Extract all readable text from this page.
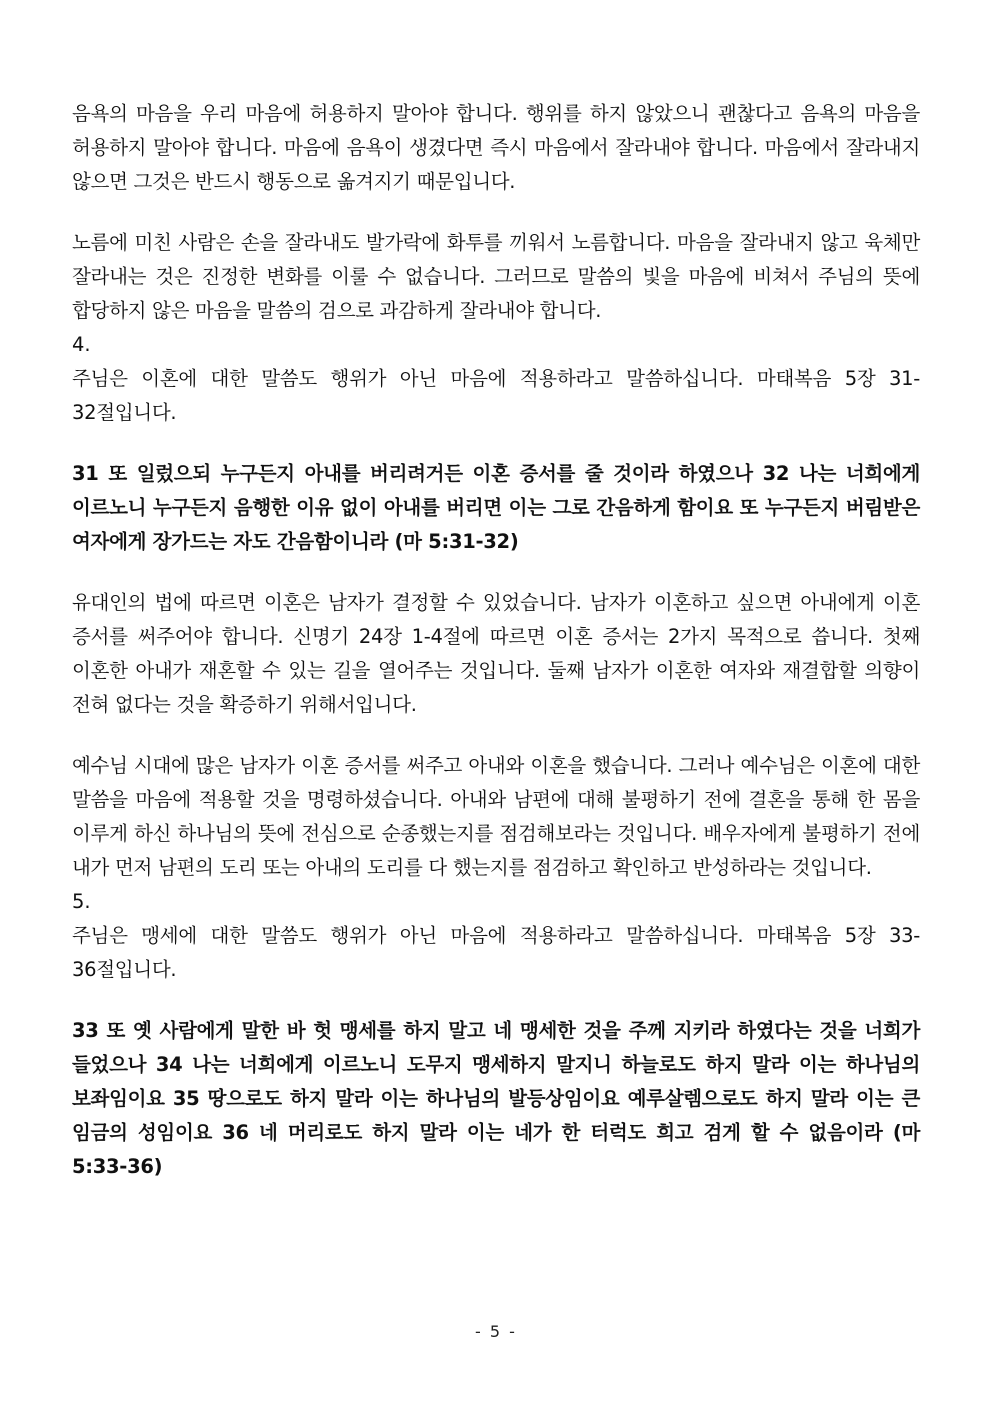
음욕의 마음을 우리 마음에 허용하지 말아야 합니다. 행위를 하지 않았으니 괜찮다고 음욕의 마음을 허용하지 말아야 합니다. 마음에 음욕이 생겼다면 즉시 마음에서 잘라내야 합니다. 마음에서 잘라내지 않으면 그것은 반드시 행동으로 옮겨지기 때문입니다.

노름에 미친 사람은 손을 잘라내도 발가락에 화투를 끼워서 노름합니다. 마음을 잘라내지 않고 육체만 잘라내는 것은 진정한 변화를 이룰 수 없습니다. 그러므로 말씀의 빛을 마음에 비쳐서 주님의 뜻에 합당하지 않은 마음을 말씀의 검으로 과감하게 잘라내야 합니다.

4.

주님은 이혼에 대한 말씀도 행위가 아닌 마음에 적용하라고 말씀하십니다. 마태복음 5장 31-32절입니다.

31 또 일렀으되 누구든지 아내를 버리려거든 이혼 증서를 줄 것이라 하였으나 32 나는 너희에게 이르노니 누구든지 음행한 이유 없이 아내를 버리면 이는 그로 간음하게 함이요 또 누구든지 버림받은 여자에게 장가드는 자도 간음함이니라 (마 5:31-32)

유대인의 법에 따르면 이혼은 남자가 결정할 수 있었습니다. 남자가 이혼하고 싶으면 아내에게 이혼 증서를 써주어야 합니다. 신명기 24장 1-4절에 따르면 이혼 증서는 2가지 목적으로 씁니다. 첫째 이혼한 아내가 재혼할 수 있는 길을 열어주는 것입니다. 둘째 남자가 이혼한 여자와 재결합할 의향이 전혀 없다는 것을 확증하기 위해서입니다.

예수님 시대에 많은 남자가 이혼 증서를 써주고 아내와 이혼을 했습니다. 그러나 예수님은 이혼에 대한 말씀을 마음에 적용할 것을 명령하셨습니다. 아내와 남편에 대해 불평하기 전에 결혼을 통해 한 몸을 이루게 하신 하나님의 뜻에 전심으로 순종했는지를 점검해보라는 것입니다. 배우자에게 불평하기 전에 내가 먼저 남편의 도리 또는 아내의 도리를 다 했는지를 점검하고 확인하고 반성하라는 것입니다.

5.

주님은 맹세에 대한 말씀도 행위가 아닌 마음에 적용하라고 말씀하십니다. 마태복음 5장 33-36절입니다.

33 또 옛 사람에게 말한 바 헛 맹세를 하지 말고 네 맹세한 것을 주께 지키라 하였다는 것을 너희가 들었으나 34 나는 너희에게 이르노니 도무지 맹세하지 말지니 하늘로도 하지 말라 이는 하나님의 보좌임이요 35 땅으로도 하지 말라 이는 하나님의 발등상임이요 예루살렘으로도 하지 말라 이는 큰 임금의 성임이요 36 네 머리로도 하지 말라 이는 네가 한 터럭도 희고 검게 할 수 없음이라 (마 5:33-36)

- 5 -
